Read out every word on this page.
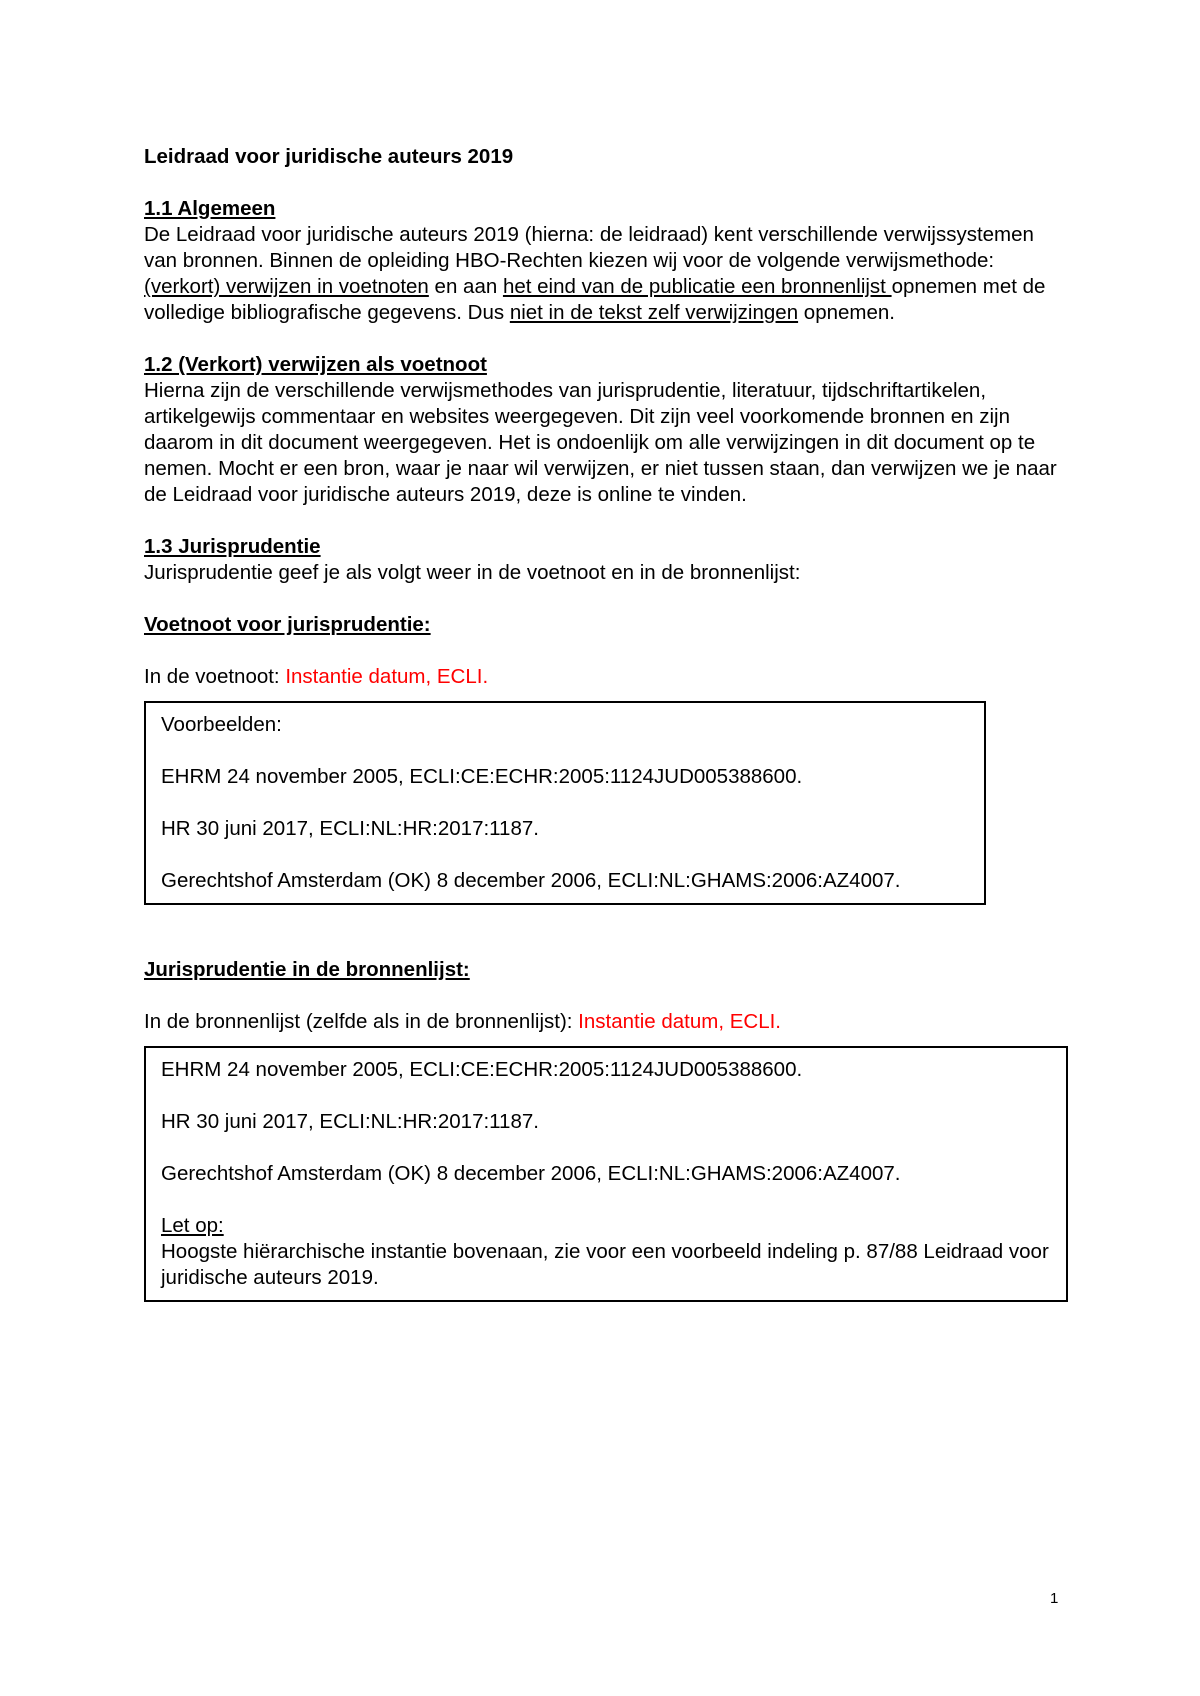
Leidraad voor juridische auteurs 2019

1.1 Algemeen

De Leidraad voor juridische auteurs 2019 (hierna: de leidraad) kent verschillende verwijssystemen van bronnen. Binnen de opleiding HBO-Rechten kiezen wij voor de volgende verwijsmethode: (verkort) verwijzen in voetnoten en aan het eind van de publicatie een bronnenlijst opnemen met de volledige bibliografische gegevens. Dus niet in de tekst zelf verwijzingen opnemen.

1.2 (Verkort) verwijzen als voetnoot

Hierna zijn de verschillende verwijsmethodes van jurisprudentie, literatuur, tijdschriftartikelen, artikelgewijs commentaar en websites weergegeven. Dit zijn veel voorkomende bronnen en zijn daarom in dit document weergegeven. Het is ondoenlijk om alle verwijzingen in dit document op te nemen. Mocht er een bron, waar je naar wil verwijzen, er niet tussen staan, dan verwijzen we je naar de Leidraad voor juridische auteurs 2019, deze is online te vinden.

1.3 Jurisprudentie

Jurisprudentie geef je als volgt weer in de voetnoot en in de bronnenlijst:

Voetnoot voor jurisprudentie:

In de voetnoot: Instantie datum, ECLI.

Voorbeelden:

EHRM 24 november 2005, ECLI:CE:ECHR:2005:1124JUD005388600.

HR 30 juni 2017, ECLI:NL:HR:2017:1187.

Gerechtshof Amsterdam (OK) 8 december 2006, ECLI:NL:GHAMS:2006:AZ4007.

Jurisprudentie in de bronnenlijst:

In de bronnenlijst (zelfde als in de bronnenlijst): Instantie datum, ECLI.

EHRM 24 november 2005, ECLI:CE:ECHR:2005:1124JUD005388600.

HR 30 juni 2017, ECLI:NL:HR:2017:1187.

Gerechtshof Amsterdam (OK) 8 december 2006, ECLI:NL:GHAMS:2006:AZ4007.

Let op:

Hoogste hiërarchische instantie bovenaan, zie voor een voorbeeld indeling p. 87/88 Leidraad voor juridische auteurs 2019.

1
